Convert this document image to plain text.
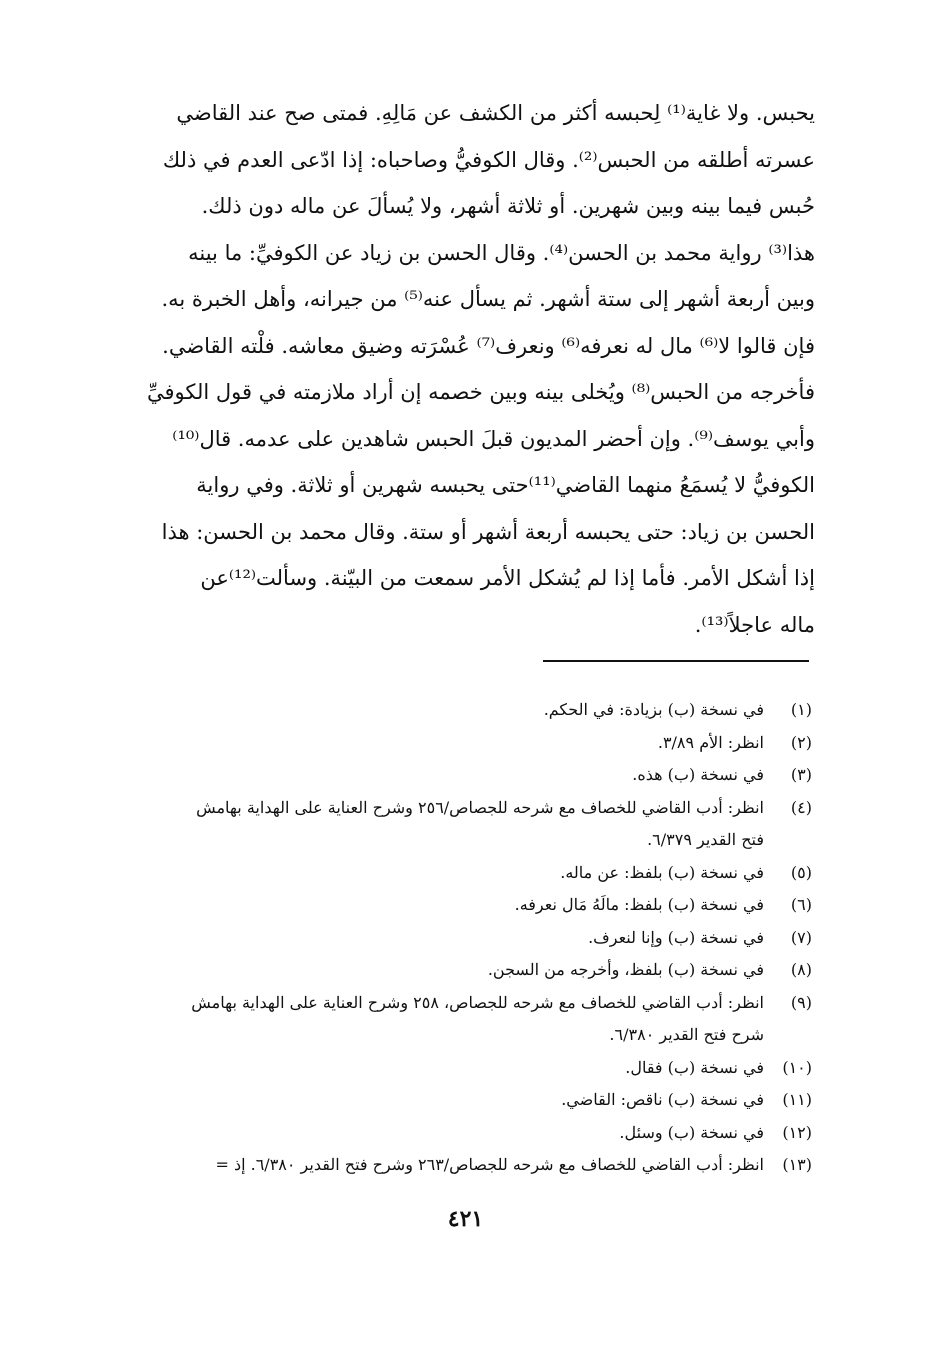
يحبس. ولا غاية⁽¹⁾ لِحبسه أكثر من الكشف عن مَالِهِ. فمتى صح عند القاضي
عسرته أطلقه من الحبس⁽²⁾. وقال الكوفيُّ وصاحباه: إذا ادّعى العدم في ذلك
حُبس فيما بينه وبين شهرين. أو ثلاثة أشهر، ولا يُسألَ عن ماله دون ذلك.
هذا⁽³⁾ رواية محمد بن الحسن⁽⁴⁾. وقال الحسن بن زياد عن الكوفيِّ: ما بينه
وبين أربعة أشهر إلى ستة أشهر. ثم يسأل عنه⁽⁵⁾ من جيرانه، وأهل الخبرة به.
فإن قالوا لا⁽⁶⁾ مال له نعرفه⁽⁶⁾ ونعرف⁽⁷⁾ عُسْرَته وضيق معاشه. فلْته القاضي.
فأخرجه من الحبس⁽⁸⁾ ويُخلى بينه وبين خصمه إن أراد ملازمته في قول الكوفيِّ
وأبي يوسف⁽⁹⁾. وإن أحضر المديون قبلَ الحبس شاهدين على عدمه. قال⁽¹⁰⁾
الكوفيُّ لا يُسمَعُ منهما القاضي⁽¹¹⁾حتى يحبسه شهرين أو ثلاثة. وفي رواية
الحسن بن زياد: حتى يحبسه أربعة أشهر أو ستة. وقال محمد بن الحسن: هذا
إذا أشكل الأمر. فأما إذا لم يُشكل الأمر سمعت من البيّنة. وسألت⁽¹²⁾عن
ماله عاجلاً⁽¹³⁾.
(١)
في نسخة (ب) بزيادة: في الحكم.
(٢)
انظر: الأم ٣/٨٩.
(٣)
في نسخة (ب) هذه.
(٤)
انظر: أدب القاضي للخصاف مع شرحه للجصاص/٢٥٦ وشرح العناية على الهداية بهامش
فتح القدير ٦/٣٧٩.
(٥)
في نسخة (ب) بلفظ: عن ماله.
(٦)
في نسخة (ب) بلفظ: مالَهُ مَال نعرفه.
(٧)
في نسخة (ب) وإنا لنعرف.
(٨)
في نسخة (ب) بلفظ، وأخرجه من السجن.
(٩)
انظر: أدب القاضي للخصاف مع شرحه للجصاص، ٢٥٨ وشرح العناية على الهداية بهامش
شرح فتح القدير ٦/٣٨٠.
(١٠)
في نسخة (ب) فقال.
(١١)
في نسخة (ب) ناقص: القاضي.
(١٢)
في نسخة (ب) وسئل.
(١٣)
انظر: أدب القاضي للخصاف مع شرحه للجصاص/٢٦٣ وشرح فتح القدير ٦/٣٨٠. إذ =
٤٢١
